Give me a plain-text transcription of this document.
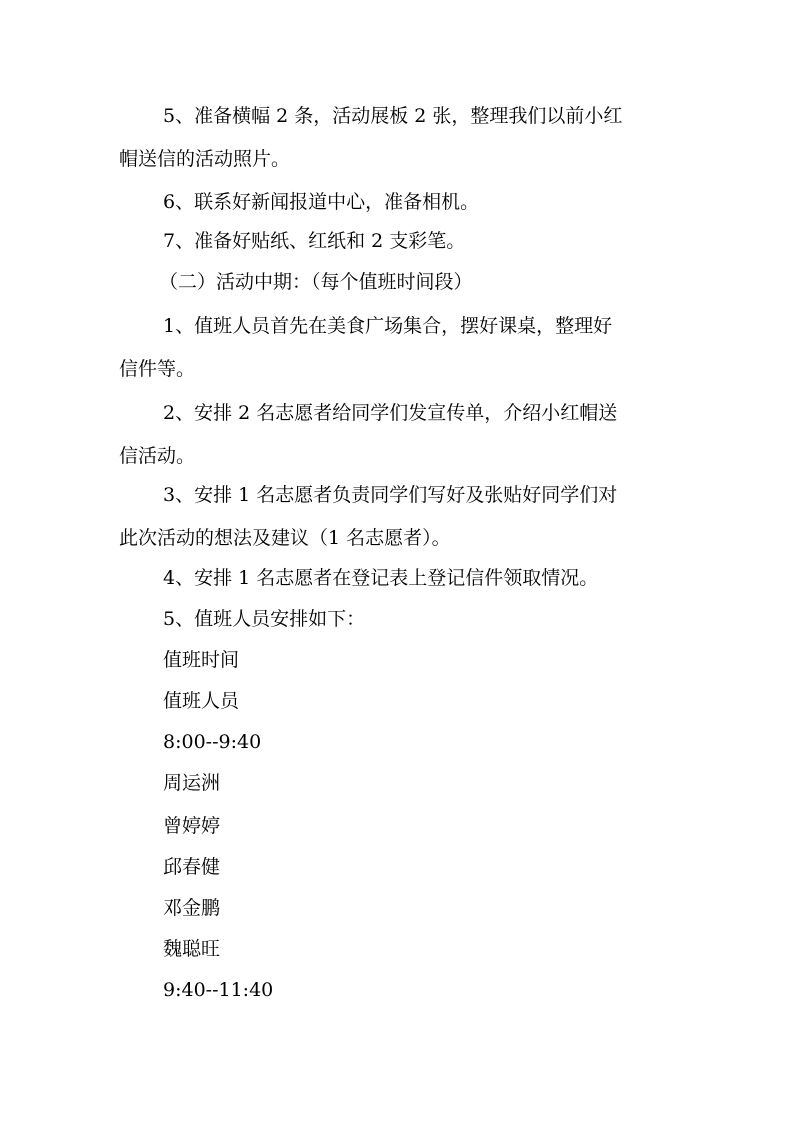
5、准备横幅 2 条，活动展板 2 张，整理我们以前小红
帽送信的活动照片。
6、联系好新闻报道中心，准备相机。
7、准备好贴纸、红纸和 2 支彩笔。
（二）活动中期：（每个值班时间段）
1、值班人员首先在美食广场集合，摆好课桌，整理好
信件等。
2、安排 2 名志愿者给同学们发宣传单，介绍小红帽送
信活动。
3、安排 1 名志愿者负责同学们写好及张贴好同学们对
此次活动的想法及建议（1 名志愿者）。
4、安排 1 名志愿者在登记表上登记信件领取情况。
5、值班人员安排如下：
值班时间
值班人员
8:00--9:40
周运洲
曾婷婷
邱春健
邓金鹏
魏聪旺
9:40--11:40
